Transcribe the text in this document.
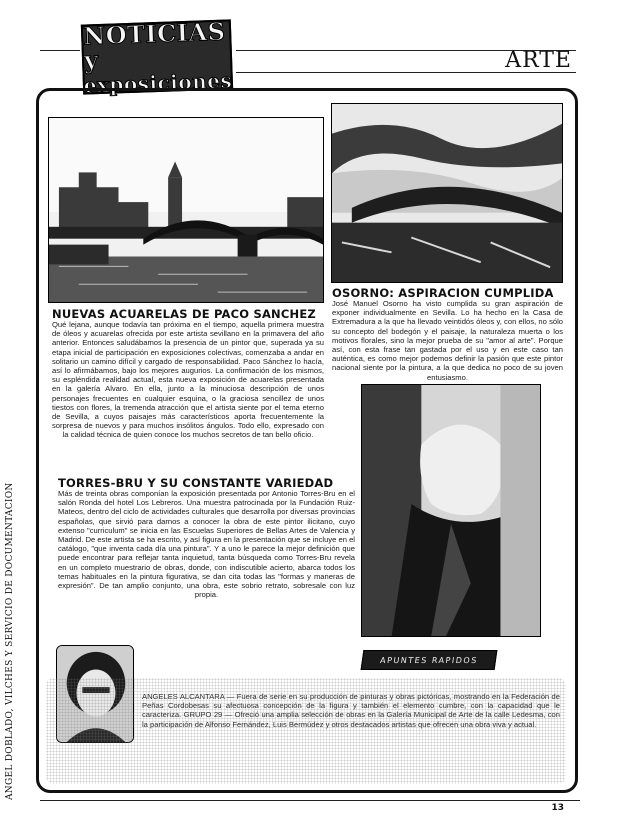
NOTICIAS y
exposiciones
ARTE
ANGEL DOBLADO, VILCHES Y SERVICIO DE DOCUMENTACION
NUEVAS ACUARELAS DE PACO SANCHEZ
Qué lejana, aunque todavía tan próxima en el tiempo, aquella primera muestra de óleos y acuarelas ofrecida por este artista sevillano en la primavera del año anterior. Entonces saludábamos la presencia de un pintor que, superada ya su etapa inicial de participación en exposiciones colectivas, comenzaba a andar en solitario un camino difícil y cargado de responsabilidad. Paco Sánchez lo hacía, así lo afirmábamos, bajo los mejores augurios. La confirmación de los mismos, su espléndida realidad actual, esta nueva exposición de acuarelas presentada en la galería Alvaro. En ella, junto a la minuciosa descripción de unos personajes frecuentes en cualquier esquina, o la graciosa sencillez de unos tiestos con flores, la tremenda atracción que el artista siente por el tema eterno de Sevilla, a cuyos paisajes más característicos aporta frecuentemente la sorpresa de nuevos y para muchos insólitos ángulos. Todo ello, expresado con la calidad técnica de quien conoce los muchos secretos de tan bello oficio.
OSORNO: ASPIRACION CUMPLIDA
José Manuel Osorno ha visto cumplida su gran aspiración de exponer individualmente en Sevilla. Lo ha hecho en la Casa de Extremadura a la que ha llevado veintidós óleos y, con ellos, no sólo su concepto del bodegón y el paisaje, la naturaleza muerta o los motivos florales, sino la mejor prueba de su "amor al arte". Porque así, con esta frase tan gastada por el uso y en este caso tan auténtica, es como mejor podemos definir la pasión que este pintor nacional siente por la pintura, a la que dedica no poco de su joven entusiasmo.
TORRES-BRU Y SU CONSTANTE VARIEDAD
Más de treinta obras componían la exposición presentada por Antonio Torres-Bru en el salón Ronda del hotel Los Lebreros. Una muestra patrocinada por la Fundación Ruiz-Mateos, dentro del ciclo de actividades culturales que desarrolla por diversas provincias españolas, que sirvió para darnos a conocer la obra de este pintor ilicitano, cuyo extenso "curriculum" se inicia en las Escuelas Superiores de Bellas Artes de Valencia y Madrid. De este artista se ha escrito, y así figura en la presentación que se incluye en el catálogo, "que inventa cada día una pintura". Y a uno le parece la mejor definición que puede encontrar para reflejar tanta inquietud, tanta búsqueda como Torres-Bru revela en un completo muestrario de obras, donde, con indiscutible acierto, abarca todos los temas habituales en la pintura figurativa, se dan cita todas las "formas y maneras de expresión". De tan amplio conjunto, una obra, este sobrio retrato, sobresale con luz propia.
APUNTES RAPIDOS
ANGELES ALCANTARA — Fuera de serie en su producción de pinturas y obras pictóricas, mostrando en la Federación de Peñas Cordobesas su afectuosa concepción de la figura y también el elemento cumbre, con la capacidad que le caracteriza. GRUPO 29 — Ofreció una amplia selección de obras en la Galería Municipal de Arte de la calle Ledesma, con la participación de Alfonso Fernández, Luis Bermúdez y otros destacados artistas que ofrecen una obra viva y actual.
13
